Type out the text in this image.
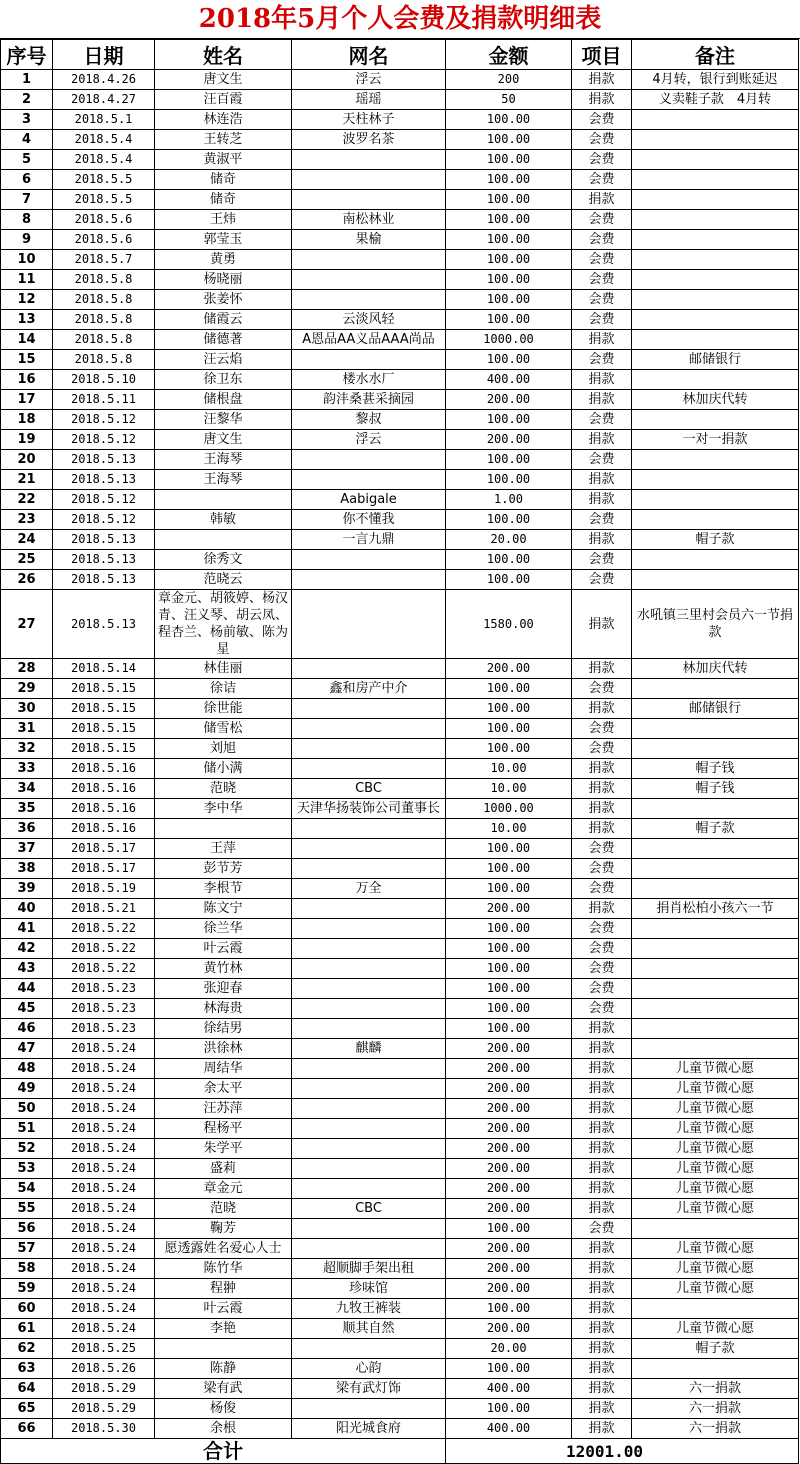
2018年5月个人会费及捐款明细表
序号	日期	姓名	网名	金额	项目	备注
1	2018.4.26	唐文生	浮云	200	捐款	4月转，银行到账延迟
2	2018.4.27	汪百霞	瑶瑶	50	捐款	义卖鞋子款　4月转
3	2018.5.1	林连浩	天柱林子	100.00	会费	
4	2018.5.4	王转芝	波罗名茶	100.00	会费	
5	2018.5.4	黄淑平		100.00	会费	
6	2018.5.5	储奇		100.00	会费	
7	2018.5.5	储奇		100.00	捐款	
8	2018.5.6	王炜	南松林业	100.00	会费	
9	2018.5.6	郭莹玉	果榆	100.00	会费	
10	2018.5.7	黄勇		100.00	会费	
11	2018.5.8	杨晓丽		100.00	会费	
12	2018.5.8	张姜怀		100.00	会费	
13	2018.5.8	储霞云	云淡风轻	100.00	会费	
14	2018.5.8	储德著	A恩品AA义品AAA尚品	1000.00	捐款	
15	2018.5.8	汪云焰		100.00	会费	邮储银行
16	2018.5.10	徐卫东	楼水水厂	400.00	捐款	
17	2018.5.11	储根盘	韵沣桑葚采摘园	200.00	捐款	林加庆代转
18	2018.5.12	汪黎华	黎叔	100.00	会费	
19	2018.5.12	唐文生	浮云	200.00	捐款	一对一捐款
20	2018.5.13	王海琴		100.00	会费	
21	2018.5.13	王海琴		100.00	捐款	
22	2018.5.12		Aabigale	1.00	捐款	
23	2018.5.12	韩敏	你不懂我	100.00	会费	
24	2018.5.13		一言九鼎	20.00	捐款	帽子款
25	2018.5.13	徐秀文		100.00	会费	
26	2018.5.13	范晓云		100.00	会费	
27	2018.5.13	章金元、胡筱婷、杨汉青、汪义琴、胡云凤、程杏兰、杨前敏、陈为星		1580.00	捐款	水吼镇三里村会员六一节捐款
28	2018.5.14	林佳丽		200.00	捐款	林加庆代转
29	2018.5.15	徐诘	鑫和房产中介	100.00	会费	
30	2018.5.15	徐世能		100.00	捐款	邮储银行
31	2018.5.15	储雪松		100.00	会费	
32	2018.5.15	刘旭		100.00	会费	
33	2018.5.16	储小满		10.00	捐款	帽子钱
34	2018.5.16	范晓	CBC	10.00	捐款	帽子钱
35	2018.5.16	李中华	天津华扬装饰公司董事长	1000.00	捐款	
36	2018.5.16			10.00	捐款	帽子款
37	2018.5.17	王萍		100.00	会费	
38	2018.5.17	彭节芳		100.00	会费	
39	2018.5.19	李根节	万全	100.00	会费	
40	2018.5.21	陈文宁		200.00	捐款	捐肖松柏小孩六一节
41	2018.5.22	徐兰华		100.00	会费	
42	2018.5.22	叶云霞		100.00	会费	
43	2018.5.22	黄竹林		100.00	会费	
44	2018.5.23	张迎春		100.00	会费	
45	2018.5.23	林海贵		100.00	会费	
46	2018.5.23	徐结男		100.00	捐款	
47	2018.5.24	洪徐林	麒麟	200.00	捐款	
48	2018.5.24	周结华		200.00	捐款	儿童节微心愿
49	2018.5.24	余太平		200.00	捐款	儿童节微心愿
50	2018.5.24	汪苏萍		200.00	捐款	儿童节微心愿
51	2018.5.24	程杨平		200.00	捐款	儿童节微心愿
52	2018.5.24	朱学平		200.00	捐款	儿童节微心愿
53	2018.5.24	盛莉		200.00	捐款	儿童节微心愿
54	2018.5.24	章金元		200.00	捐款	儿童节微心愿
55	2018.5.24	范晓	CBC	200.00	捐款	儿童节微心愿
56	2018.5.24	鞠芳		100.00	会费	
57	2018.5.24	愿透露姓名爱心人士		200.00	捐款	儿童节微心愿
58	2018.5.24	陈竹华	超顺脚手架出租	200.00	捐款	儿童节微心愿
59	2018.5.24	程翀	珍味馆	200.00	捐款	儿童节微心愿
60	2018.5.24	叶云霞	九牧王裤装	100.00	捐款	
61	2018.5.24	李艳	顺其自然	200.00	捐款	儿童节微心愿
62	2018.5.25			20.00	捐款	帽子款
63	2018.5.26	陈静	心韵	100.00	捐款	
64	2018.5.29	梁有武	梁有武灯饰	400.00	捐款	六一捐款
65	2018.5.29	杨俊		100.00	捐款	六一捐款
66	2018.5.30	余根	阳光城食府	400.00	捐款	六一捐款
合计				12001.00		
